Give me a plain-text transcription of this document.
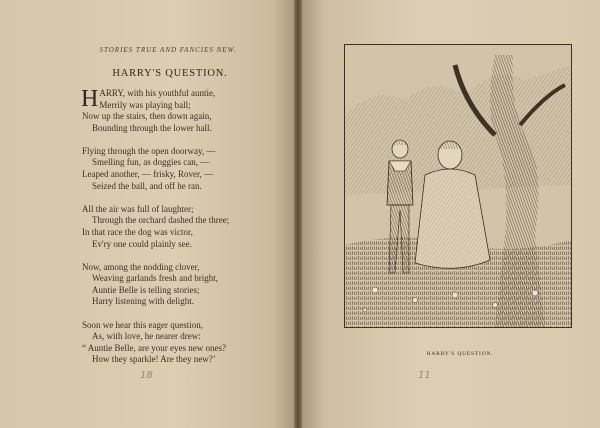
STORIES TRUE AND FANCIES NEW.
HARRY'S QUESTION.
H ARRY, with his youthful auntie,
Merrily was playing ball;
Now up the stairs, then down again,
Bounding through the lower hall.
Flying through the open doorway, —
Smelling fun, as doggies can, —
Leaped another, — frisky, Rover, —
Seized the ball, and off he ran.
All the air was full of laughter;
Through the orchard dashed the three;
In that race the dog was victor,
Ev'ry one could plainly see.
Now, among the nodding clover,
Weaving garlands fresh and bright,
Auntie Belle is telling stories;
Harry listening with delight.
Soon we hear this eager question,
As, with love, he nearer drew:
“ Auntie Belle, are your eyes new ones?
How they sparkle! Are they new?’
18
HARRY'S QUESTION.
11
